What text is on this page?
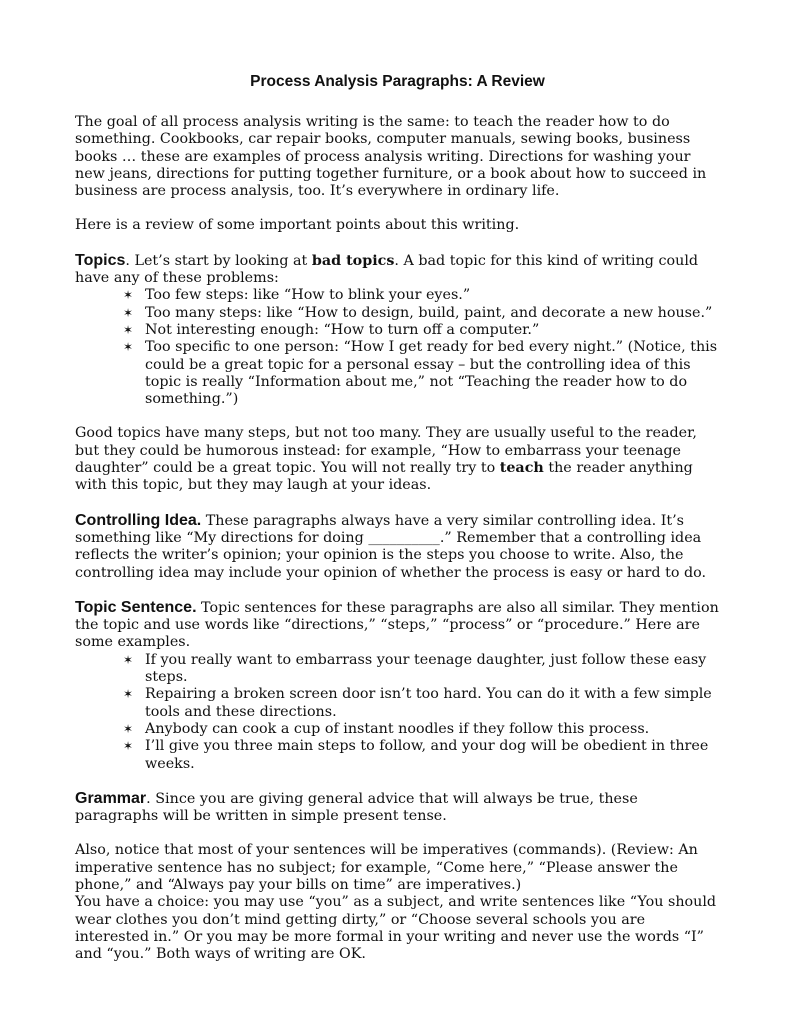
Process Analysis Paragraphs: A Review

The goal of all process analysis writing is the same: to teach the reader how to do something. Cookbooks, car repair books, computer manuals, sewing books, business books … these are examples of process analysis writing. Directions for washing your new jeans, directions for putting together furniture, or a book about how to succeed in business are process analysis, too. It’s everywhere in ordinary life.

Here is a review of some important points about this writing.

Topics. Let’s start by looking at bad topics. A bad topic for this kind of writing could have any of these problems:

✶ Too few steps: like “How to blink your eyes.”
✶ Too many steps: like “How to design, build, paint, and decorate a new house.”
✶ Not interesting enough: “How to turn off a computer.”
✶ Too specific to one person: “How I get ready for bed every night.” (Notice, this could be a great topic for a personal essay – but the controlling idea of this topic is really “Information about me,” not “Teaching the reader how to do something.”)

Good topics have many steps, but not too many. They are usually useful to the reader, but they could be humorous instead: for example, “How to embarrass your teenage daughter” could be a great topic. You will not really try to teach the reader anything with this topic, but they may laugh at your ideas.

Controlling Idea. These paragraphs always have a very similar controlling idea. It’s something like “My directions for doing __________.” Remember that a controlling idea reflects the writer’s opinion; your opinion is the steps you choose to write. Also, the controlling idea may include your opinion of whether the process is easy or hard to do.

Topic Sentence. Topic sentences for these paragraphs are also all similar. They mention the topic and use words like “directions,” “steps,” “process” or “procedure.” Here are some examples.

✶ If you really want to embarrass your teenage daughter, just follow these easy steps.
✶ Repairing a broken screen door isn’t too hard. You can do it with a few simple tools and these directions.
✶ Anybody can cook a cup of instant noodles if they follow this process.
✶ I’ll give you three main steps to follow, and your dog will be obedient in three weeks.

Grammar. Since you are giving general advice that will always be true, these paragraphs will be written in simple present tense.

Also, notice that most of your sentences will be imperatives (commands). (Review: An imperative sentence has no subject; for example, “Come here,” “Please answer the phone,” and “Always pay your bills on time” are imperatives.)

You have a choice: you may use “you” as a subject, and write sentences like “You should wear clothes you don’t mind getting dirty,” or “Choose several schools you are interested in.” Or you may be more formal in your writing and never use the words “I” and “you.” Both ways of writing are OK.
